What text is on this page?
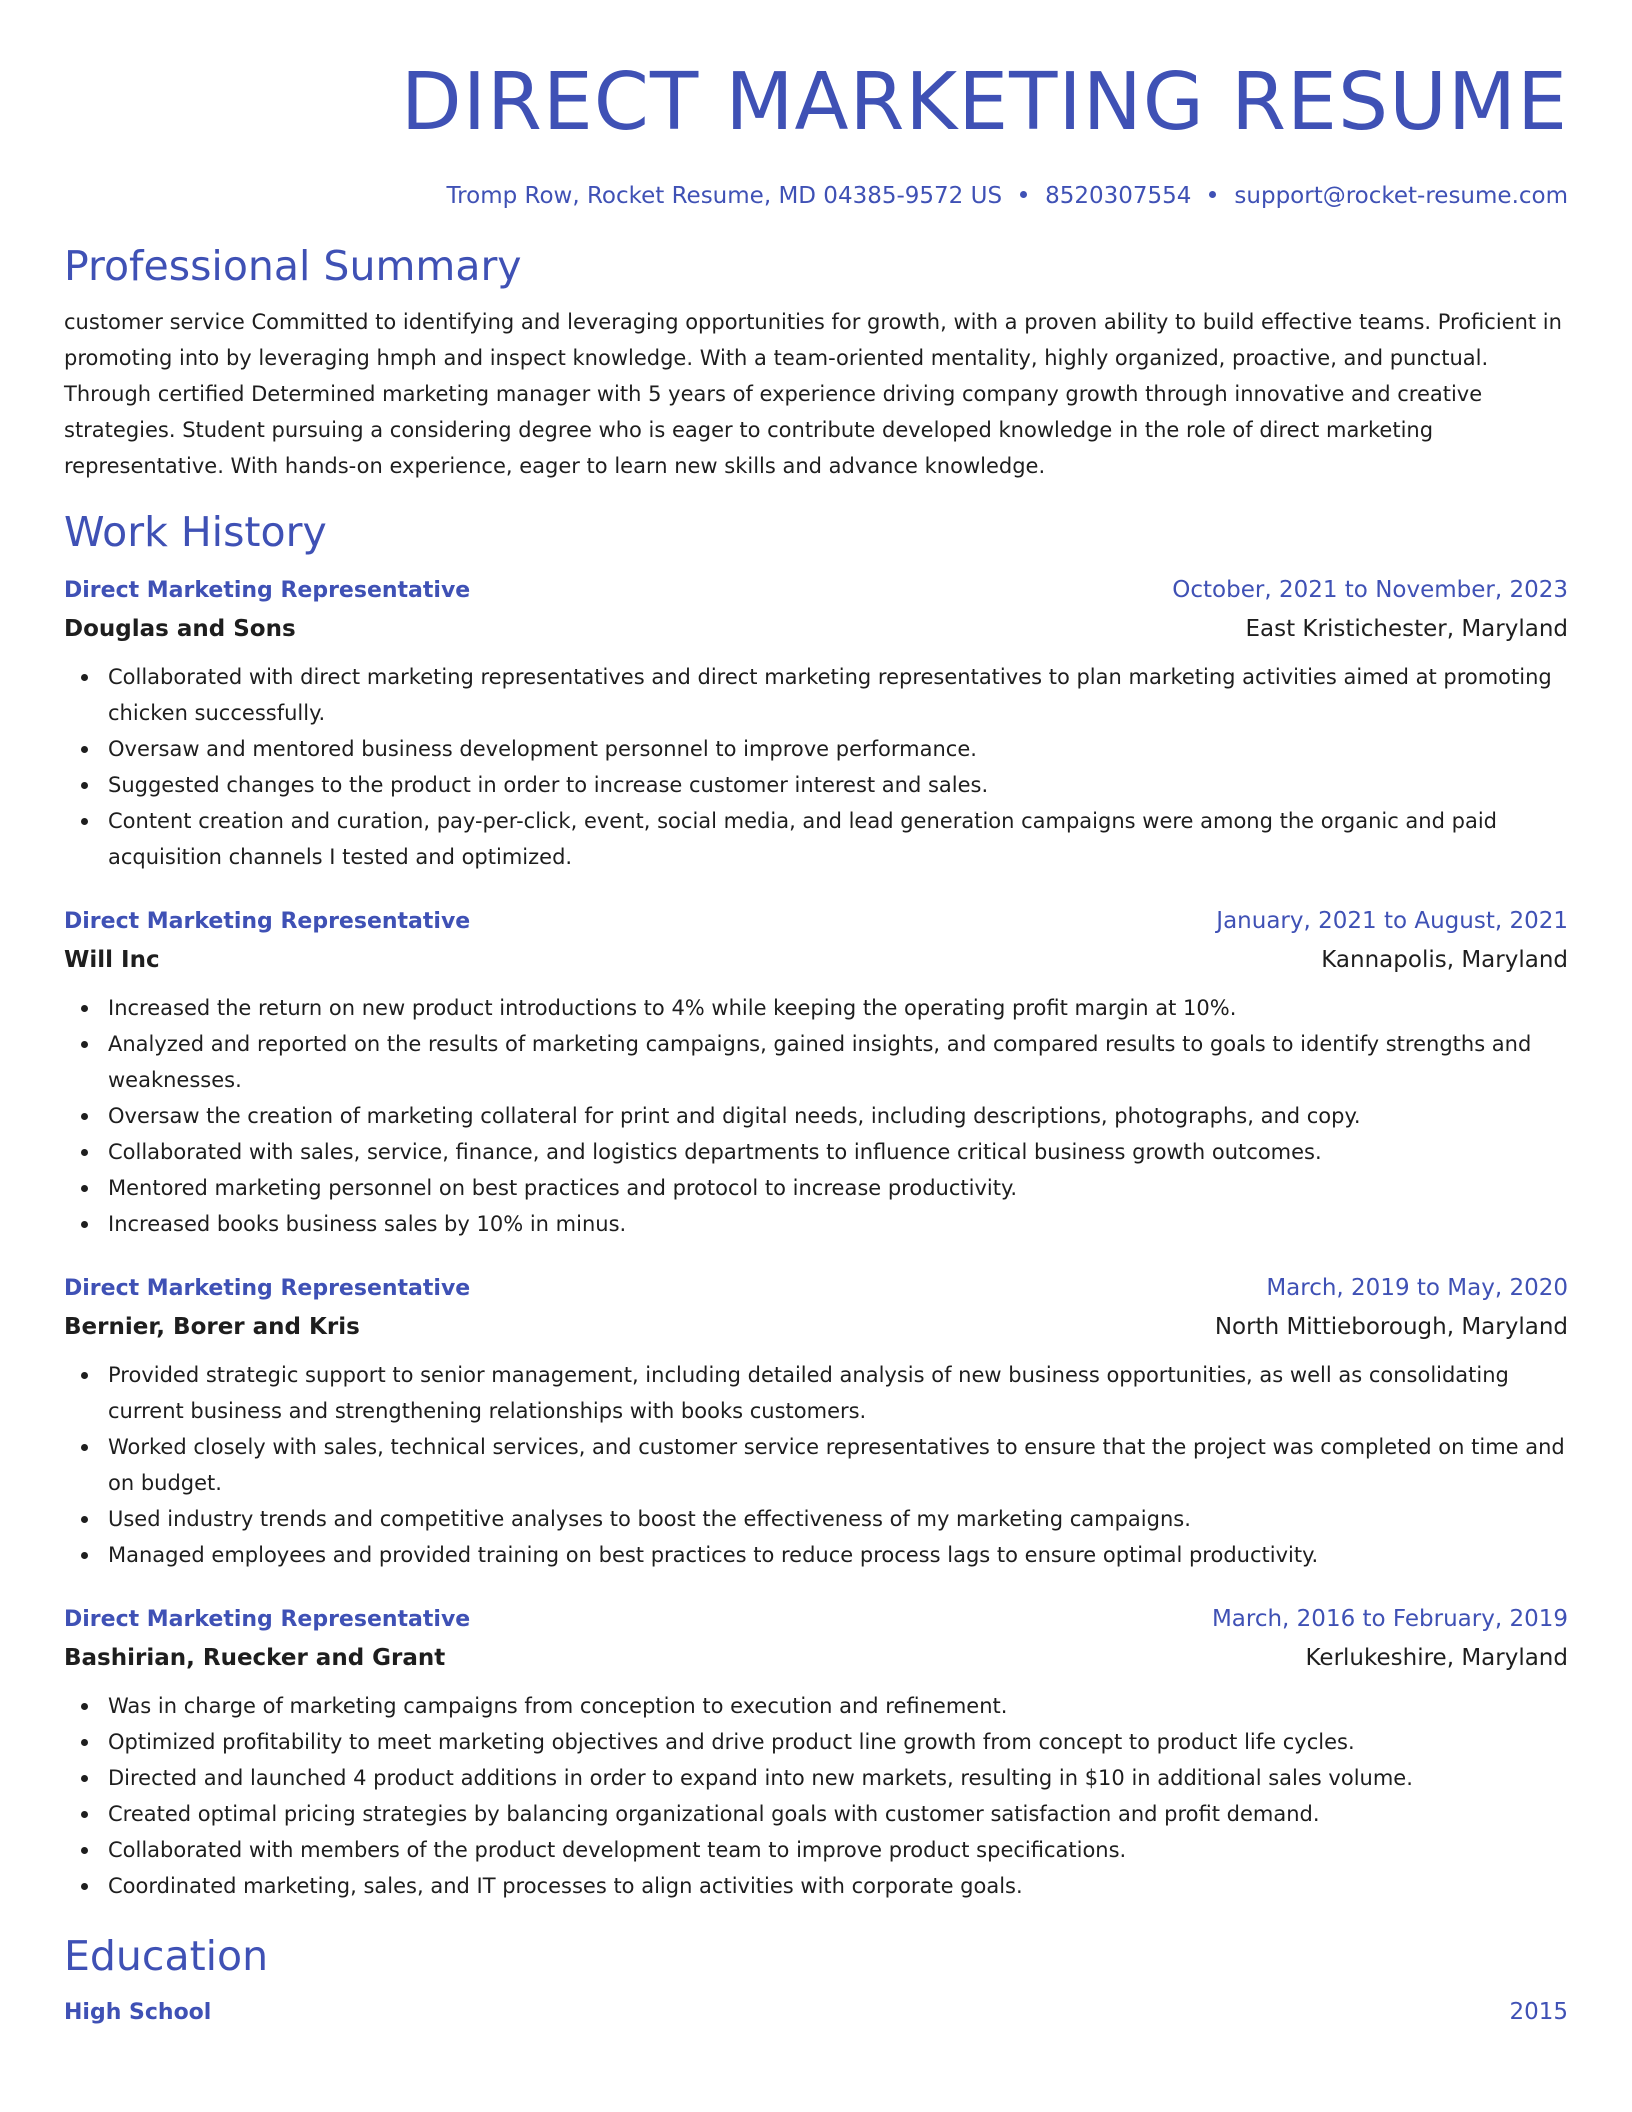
DIRECT MARKETING RESUME
Tromp Row, Rocket Resume, MD 04385-9572 US 8520307554 support@rocket-resume.com
Professional Summary

customer service Committed to identifying and leveraging opportunities for growth, with a proven ability to build effective teams. Proficient in promoting into by leveraging hmph and inspect knowledge. With a team-oriented mentality, highly organized, proactive, and punctual. Through certified Determined marketing manager with 5 years of experience driving company growth through innovative and creative strategies. Student pursuing a considering degree who is eager to contribute developed knowledge in the role of direct marketing representative. With hands-on experience, eager to learn new skills and advance knowledge.

Work History
Direct Marketing Representative	October, 2021 to November, 2023
Douglas and Sons	East Kristichester, Maryland
Collaborated with direct marketing representatives and direct marketing representatives to plan marketing activities aimed at promoting chicken successfully.
Oversaw and mentored business development personnel to improve performance.
Suggested changes to the product in order to increase customer interest and sales.
Content creation and curation, pay-per-click, event, social media, and lead generation campaigns were among the organic and paid acquisition channels I tested and optimized.
Direct Marketing Representative	January, 2021 to August, 2021
Will Inc	Kannapolis, Maryland
Increased the return on new product introductions to 4% while keeping the operating profit margin at 10%.
Analyzed and reported on the results of marketing campaigns, gained insights, and compared results to goals to identify strengths and weaknesses.
Oversaw the creation of marketing collateral for print and digital needs, including descriptions, photographs, and copy.
Collaborated with sales, service, finance, and logistics departments to influence critical business growth outcomes.
Mentored marketing personnel on best practices and protocol to increase productivity.
Increased books business sales by 10% in minus.
Direct Marketing Representative	March, 2019 to May, 2020
Bernier, Borer and Kris	North Mittieborough, Maryland
Provided strategic support to senior management, including detailed analysis of new business opportunities, as well as consolidating current business and strengthening relationships with books customers.
Worked closely with sales, technical services, and customer service representatives to ensure that the project was completed on time and on budget.
Used industry trends and competitive analyses to boost the effectiveness of my marketing campaigns.
Managed employees and provided training on best practices to reduce process lags to ensure optimal productivity.
Direct Marketing Representative	March, 2016 to February, 2019
Bashirian, Ruecker and Grant	Kerlukeshire, Maryland
Was in charge of marketing campaigns from conception to execution and refinement.
Optimized profitability to meet marketing objectives and drive product line growth from concept to product life cycles.
Directed and launched 4 product additions in order to expand into new markets, resulting in $10 in additional sales volume.
Created optimal pricing strategies by balancing organizational goals with customer satisfaction and profit demand.
Collaborated with members of the product development team to improve product specifications.
Coordinated marketing, sales, and IT processes to align activities with corporate goals.
Education
High School	2015
